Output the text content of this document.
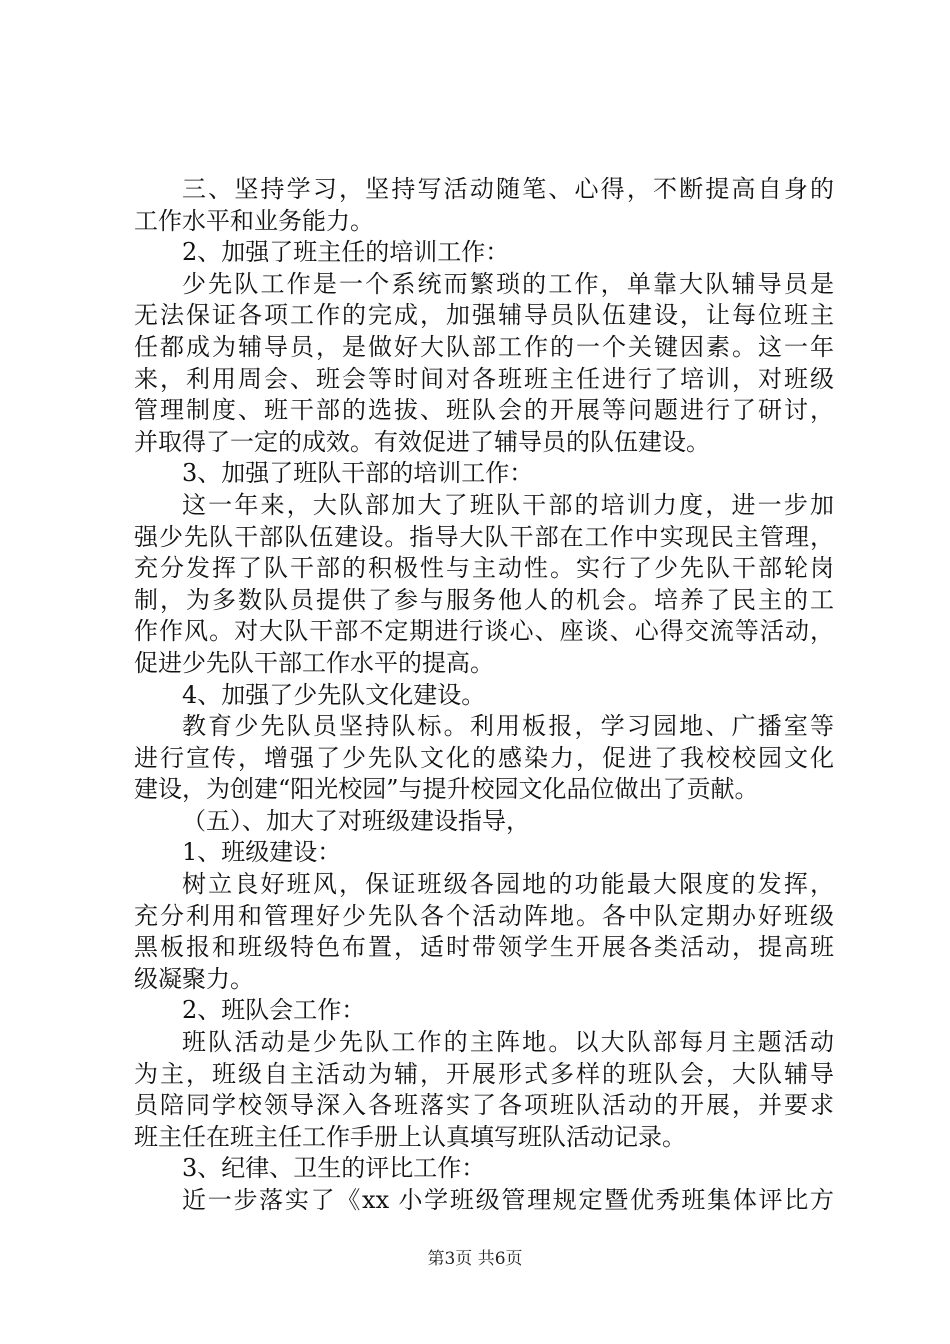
三、坚持学习，坚持写活动随笔、心得，不断提高自身的
工作水平和业务能力。
2、加强了班主任的培训工作：
少先队工作是一个系统而繁琐的工作，单靠大队辅导员是
无法保证各项工作的完成，加强辅导员队伍建设，让每位班主
任都成为辅导员，是做好大队部工作的一个关键因素。这一年
来，利用周会、班会等时间对各班班主任进行了培训，对班级
管理制度、班干部的选拔、班队会的开展等问题进行了研讨，
并取得了一定的成效。有效促进了辅导员的队伍建设。
3、加强了班队干部的培训工作：
这一年来，大队部加大了班队干部的培训力度，进一步加
强少先队干部队伍建设。指导大队干部在工作中实现民主管理，
充分发挥了队干部的积极性与主动性。实行了少先队干部轮岗
制，为多数队员提供了参与服务他人的机会。培养了民主的工
作作风。对大队干部不定期进行谈心、座谈、心得交流等活动，
促进少先队干部工作水平的提高。
4、加强了少先队文化建设。
教育少先队员坚持队标。利用板报，学习园地、广播室等
进行宣传，增强了少先队文化的感染力，促进了我校校园文化
建设，为创建“阳光校园”与提升校园文化品位做出了贡献。
（五）、加大了对班级建设指导，
1、班级建设：
树立良好班风，保证班级各园地的功能最大限度的发挥，
充分利用和管理好少先队各个活动阵地。各中队定期办好班级
黑板报和班级特色布置，适时带领学生开展各类活动，提高班
级凝聚力。
2、班队会工作：
班队活动是少先队工作的主阵地。以大队部每月主题活动
为主，班级自主活动为辅，开展形式多样的班队会，大队辅导
员陪同学校领导深入各班落实了各项班队活动的开展，并要求
班主任在班主任工作手册上认真填写班队活动记录。
3、纪律、卫生的评比工作：
近一步落实了《xx 小学班级管理规定暨优秀班集体评比方
第3页 共6页
